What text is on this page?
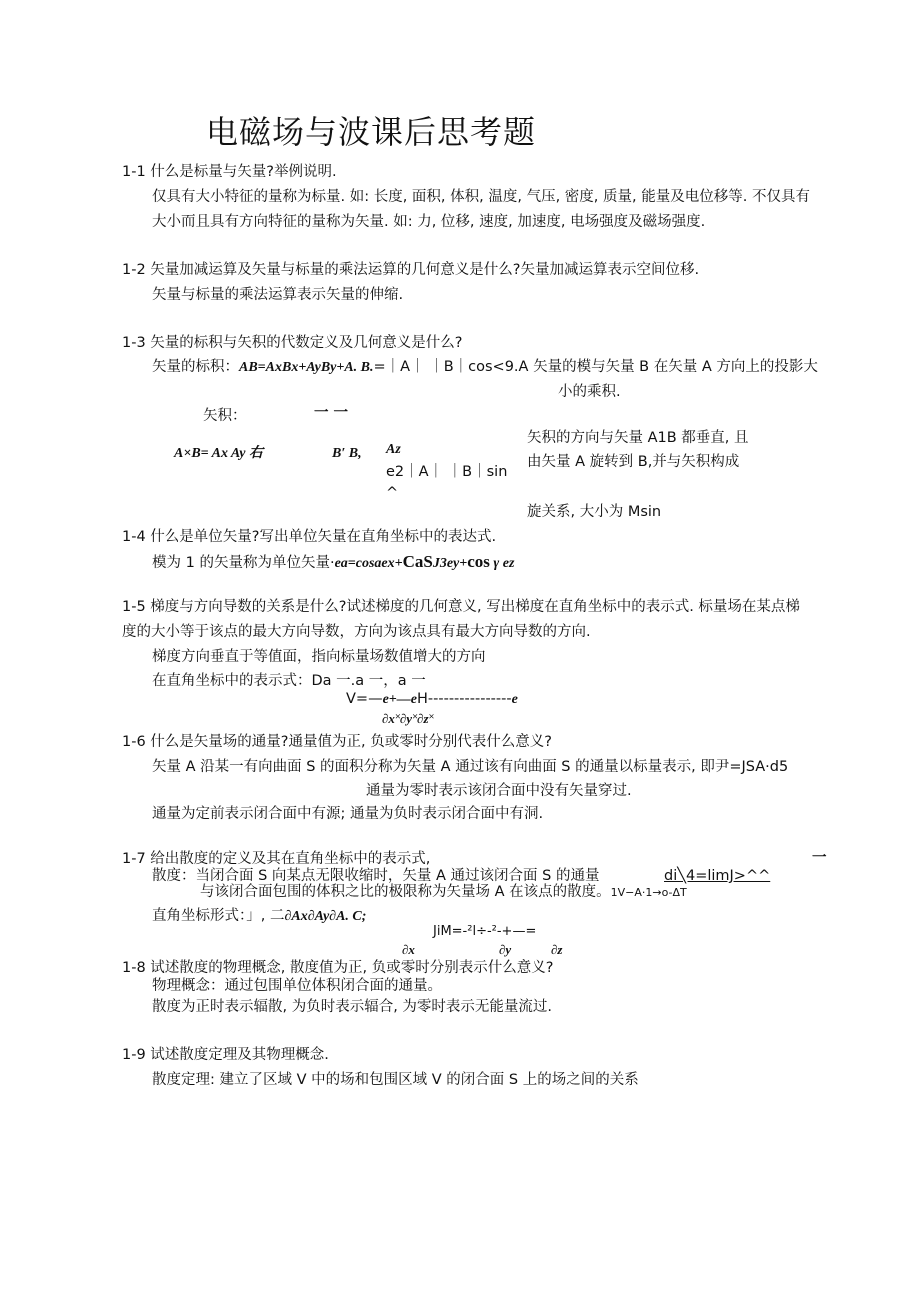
电磁场与波课后思考题
1-1 什么是标量与矢量?举例说明.
仅具有大小特征的量称为标量. 如: 长度, 面积, 体积, 温度, 气压, 密度, 质量, 能量及电位移等. 不仅具有
大小而且具有方向特征的量称为矢量. 如: 力, 位移, 速度, 加速度, 电场强度及磁场强度.
1-2 矢量加减运算及矢量与标量的乘法运算的几何意义是什么?矢量加减运算表示空间位移.
矢量与标量的乘法运算表示矢量的伸缩.
1-3 矢量的标积与矢积的代数定义及几何意义是什么?
矢量的标积：AB=AxBx+AyBy+A. B.=｜A｜ ｜B｜cos<9.A 矢量的模与矢量 B 在矢量 A 方向上的投影大
小的乘积.
矢积：	一 一
A×B= Ax Ay 右	B′ B, Az
e2｜A｜ ｜B｜sin
^
矢积的方向与矢量 A1B 都垂直, 且
由矢量 A 旋转到 B,并与矢积构成
旋关系, 大小为 Msin
1-4 什么是单位矢量?写出单位矢量在直角坐标中的表达式.
模为 1 的矢量称为单位矢量·ea=cosaex+CaSJ3ey+cos γ ez
1-5 梯度与方向导数的关系是什么?试述梯度的几何意义, 写出梯度在直角坐标中的表示式. 标量场在某点梯
度的大小等于该点的最大方向导数，方向为该点具有最大方向导数的方向.
梯度方向垂直于等值面，指向标量场数值增大的方向
在直角坐标中的表示式：Da 一.a 一，a 一
V=—e+—eH----------------e
∂x˟∂y˟∂z˟
1-6 什么是矢量场的通量?通量值为正, 负或零时分别代表什么意义?
矢量 A 沿某一有向曲面 S 的面积分称为矢量 A 通过该有向曲面 S 的通量以标量表示, 即尹=JSA·d5
通量为零时表示该闭合面中没有矢量穿过.
通量为定前表示闭合面中有源; 通量为负时表示闭合面中有洞.
1-7 给出散度的定义及其在直角坐标中的表示式,	一
散度：当闭合面 S 向某点无限收缩时，矢量 A 通过该闭合面 S 的通量	di╲4=limJ>^^
与该闭合面包围的体积之比的极限称为矢量场 A 在该点的散度。1V−A·1→o-ΔT
直角坐标形式：」, 二∂Ax∂Ay∂A. C;
JiM=-²l÷-²-+—=
∂x	∂y	∂z
1-8 试述散度的物理概念, 散度值为正, 负或零时分别表示什么意义?
物理概念：通过包围单位体积闭合面的通量。
散度为正时表示辐散, 为负时表示辐合, 为零时表示无能量流过.
1-9 试述散度定理及其物理概念.
散度定理: 建立了区域 V 中的场和包围区域 V 的闭合面 S 上的场之间的关系
